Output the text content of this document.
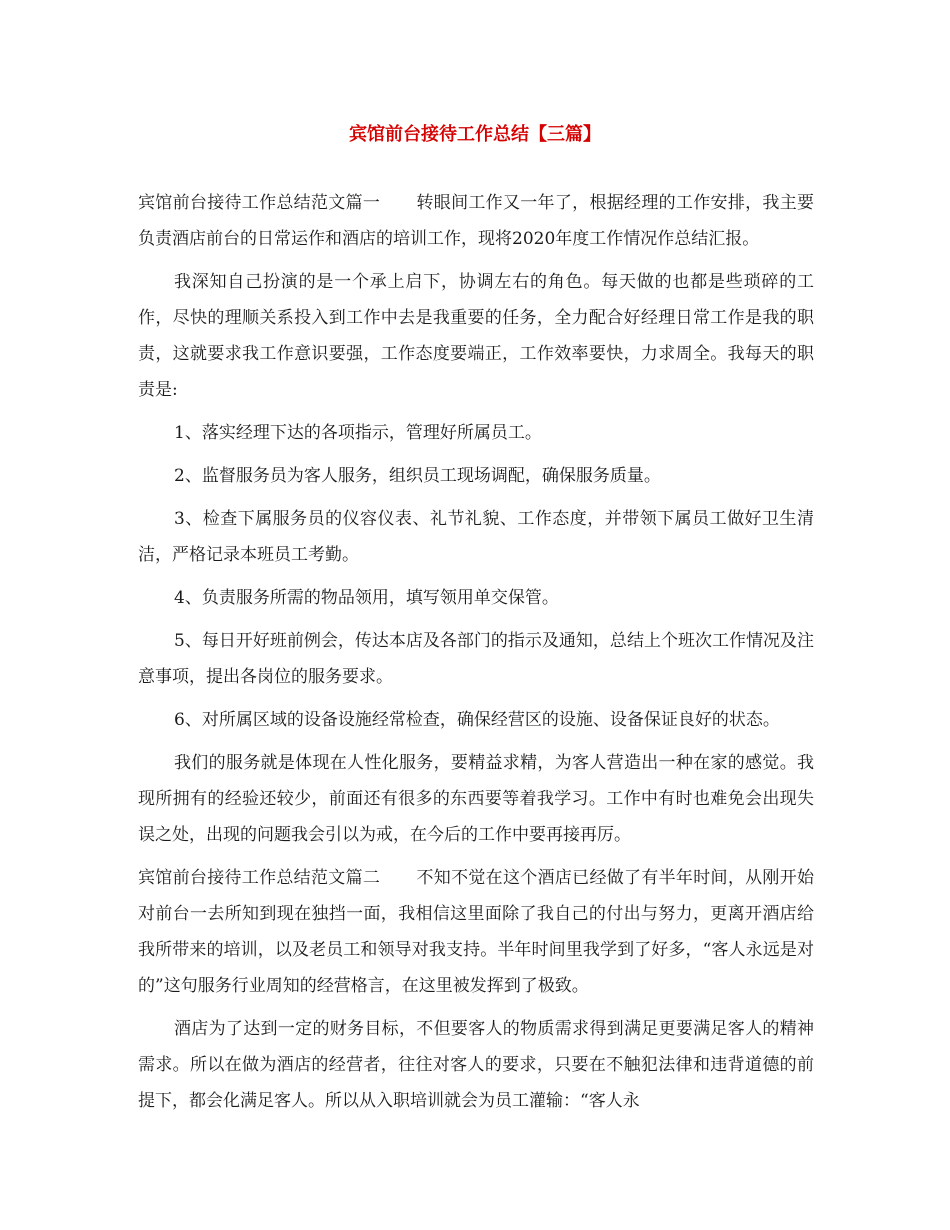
宾馆前台接待工作总结【三篇】

宾馆前台接待工作总结范文篇一 转眼间工作又一年了，根据经理的工作安排，我主要负责酒店前台的日常运作和酒店的培训工作，现将2020年度工作情况作总结汇报。

我深知自己扮演的是一个承上启下，协调左右的角色。每天做的也都是些琐碎的工作，尽快的理顺关系投入到工作中去是我重要的任务，全力配合好经理日常工作是我的职责，这就要求我工作意识要强，工作态度要端正，工作效率要快，力求周全。我每天的职责是:

1、落实经理下达的各项指示，管理好所属员工。

2、监督服务员为客人服务，组织员工现场调配，确保服务质量。

3、检查下属服务员的仪容仪表、礼节礼貌、工作态度，并带领下属员工做好卫生清洁，严格记录本班员工考勤。

4、负责服务所需的物品领用，填写领用单交保管。

5、每日开好班前例会，传达本店及各部门的指示及通知，总结上个班次工作情况及注意事项，提出各岗位的服务要求。

6、对所属区域的设备设施经常检查，确保经营区的设施、设备保证良好的状态。

我们的服务就是体现在人性化服务，要精益求精，为客人营造出一种在家的感觉。我现所拥有的经验还较少，前面还有很多的东西要等着我学习。工作中有时也难免会出现失误之处，出现的问题我会引以为戒，在今后的工作中要再接再厉。

宾馆前台接待工作总结范文篇二 不知不觉在这个酒店已经做了有半年时间，从刚开始对前台一去所知到现在独挡一面，我相信这里面除了我自己的付出与努力，更离开酒店给我所带来的培训，以及老员工和领导对我支持。半年时间里我学到了好多，“客人永远是对的”这句服务行业周知的经营格言，在这里被发挥到了极致。

酒店为了达到一定的财务目标，不但要客人的物质需求得到满足更要满足客人的精神需求。所以在做为酒店的经营者，往往对客人的要求，只要在不触犯法律和违背道德的前提下，都会化满足客人。所以从入职培训就会为员工灌输：“客人永
